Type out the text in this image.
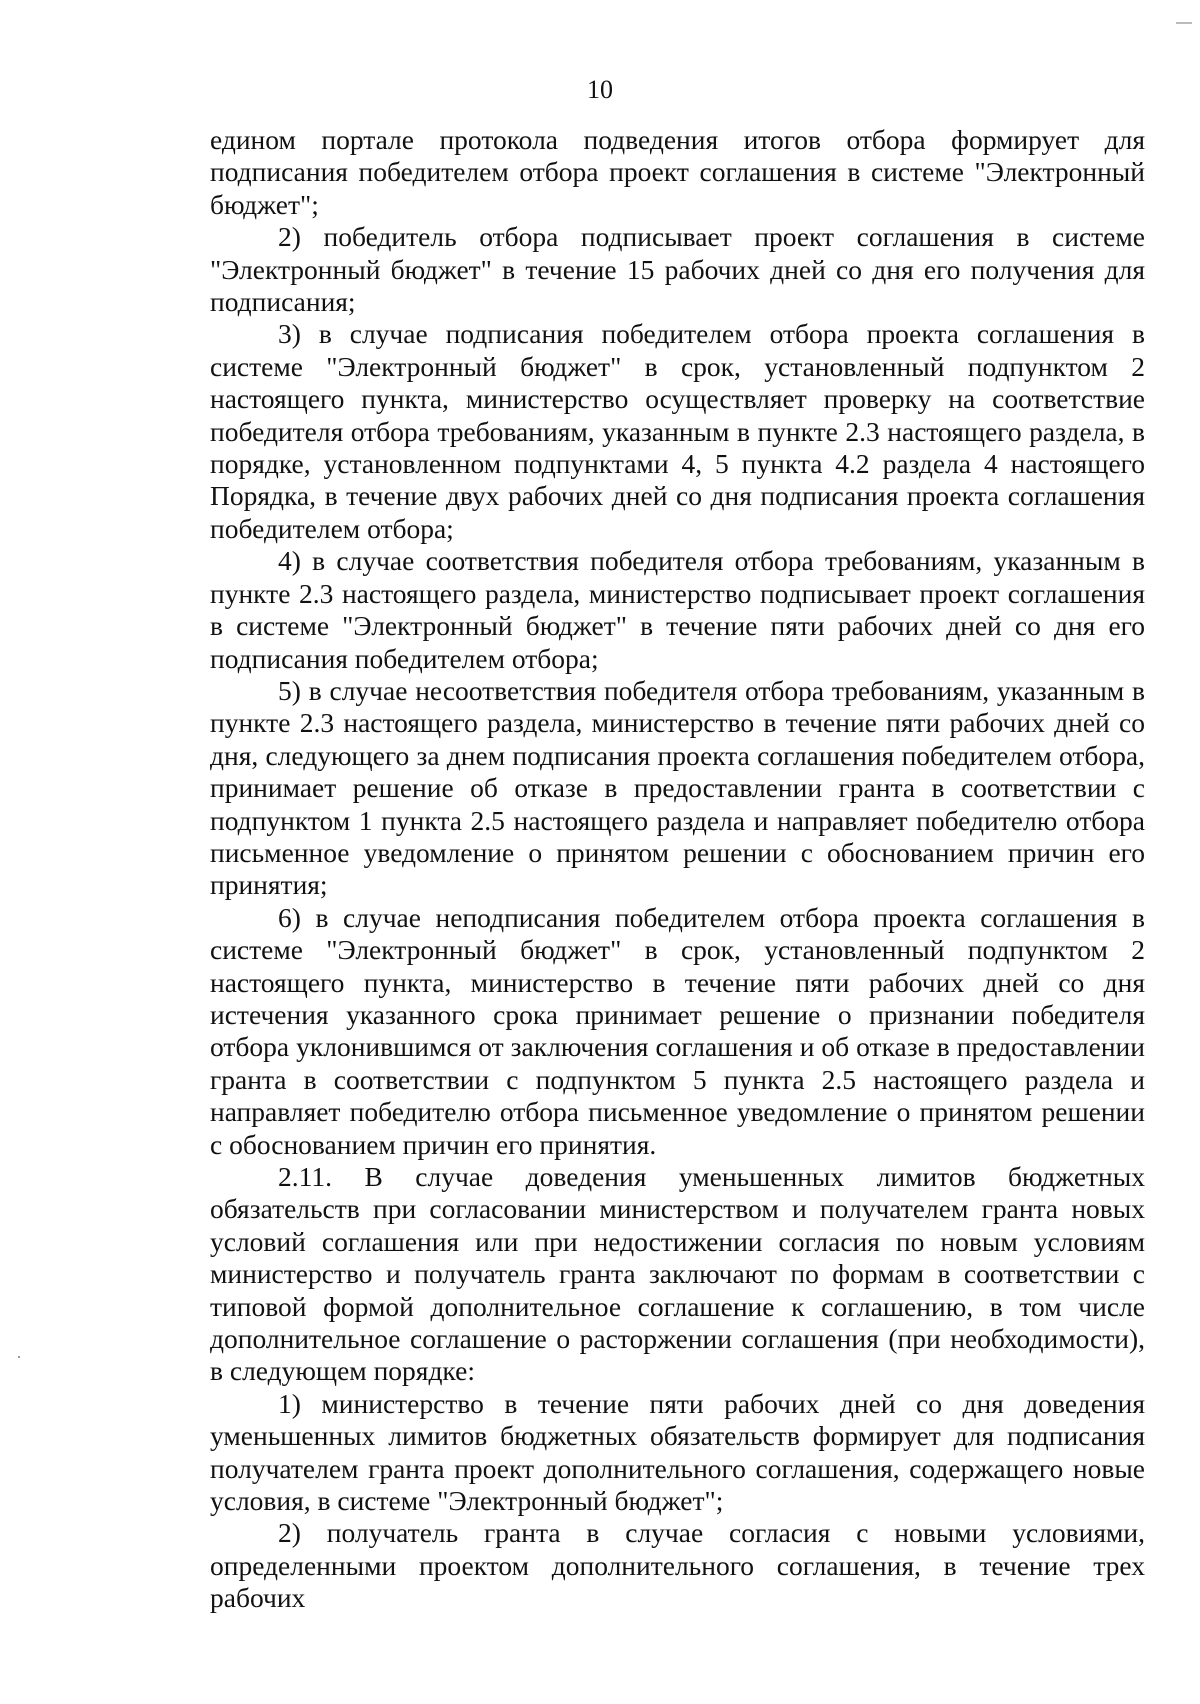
10

едином портале протокола подведения итогов отбора формирует для подписания победителем отбора проект соглашения в системе "Электронный бюджет";

2) победитель отбора подписывает проект соглашения в системе "Электронный бюджет" в течение 15 рабочих дней со дня его получения для подписания;

3) в случае подписания победителем отбора проекта соглашения в системе "Электронный бюджет" в срок, установленный подпунктом 2 настоящего пункта, министерство осуществляет проверку на соответствие победителя отбора требованиям, указанным в пункте 2.3 настоящего раздела, в порядке, установленном подпунктами 4, 5 пункта 4.2 раздела 4 настоящего Порядка, в течение двух рабочих дней со дня подписания проекта соглашения победителем отбора;

4) в случае соответствия победителя отбора требованиям, указанным в пункте 2.3 настоящего раздела, министерство подписывает проект соглашения в системе "Электронный бюджет" в течение пяти рабочих дней со дня его подписания победителем отбора;

5) в случае несоответствия победителя отбора требованиям, указанным в пункте 2.3 настоящего раздела, министерство в течение пяти рабочих дней со дня, следующего за днем подписания проекта соглашения победителем отбора, принимает решение об отказе в предоставлении гранта в соответствии с подпунктом 1 пункта 2.5 настоящего раздела и направляет победителю отбора письменное уведомление о принятом решении с обоснованием причин его принятия;

6) в случае неподписания победителем отбора проекта соглашения в системе "Электронный бюджет" в срок, установленный подпунктом 2 настоящего пункта, министерство в течение пяти рабочих дней со дня истечения указанного срока принимает решение о признании победителя отбора уклонившимся от заключения соглашения и об отказе в предоставлении гранта в соответствии с подпунктом 5 пункта 2.5 настоящего раздела и направляет победителю отбора письменное уведомление о принятом решении с обоснованием причин его принятия.

2.11. В случае доведения уменьшенных лимитов бюджетных обязательств при согласовании министерством и получателем гранта новых условий соглашения или при недостижении согласия по новым условиям министерство и получатель гранта заключают по формам в соответствии с типовой формой дополнительное соглашение к соглашению, в том числе дополнительное соглашение о расторжении соглашения (при необходимости), в следующем порядке:

1) министерство в течение пяти рабочих дней со дня доведения уменьшенных лимитов бюджетных обязательств формирует для подписания получателем гранта проект дополнительного соглашения, содержащего новые условия, в системе "Электронный бюджет";

2) получатель гранта в случае согласия с новыми условиями, определенными проектом дополнительного соглашения, в течение трех рабочих
